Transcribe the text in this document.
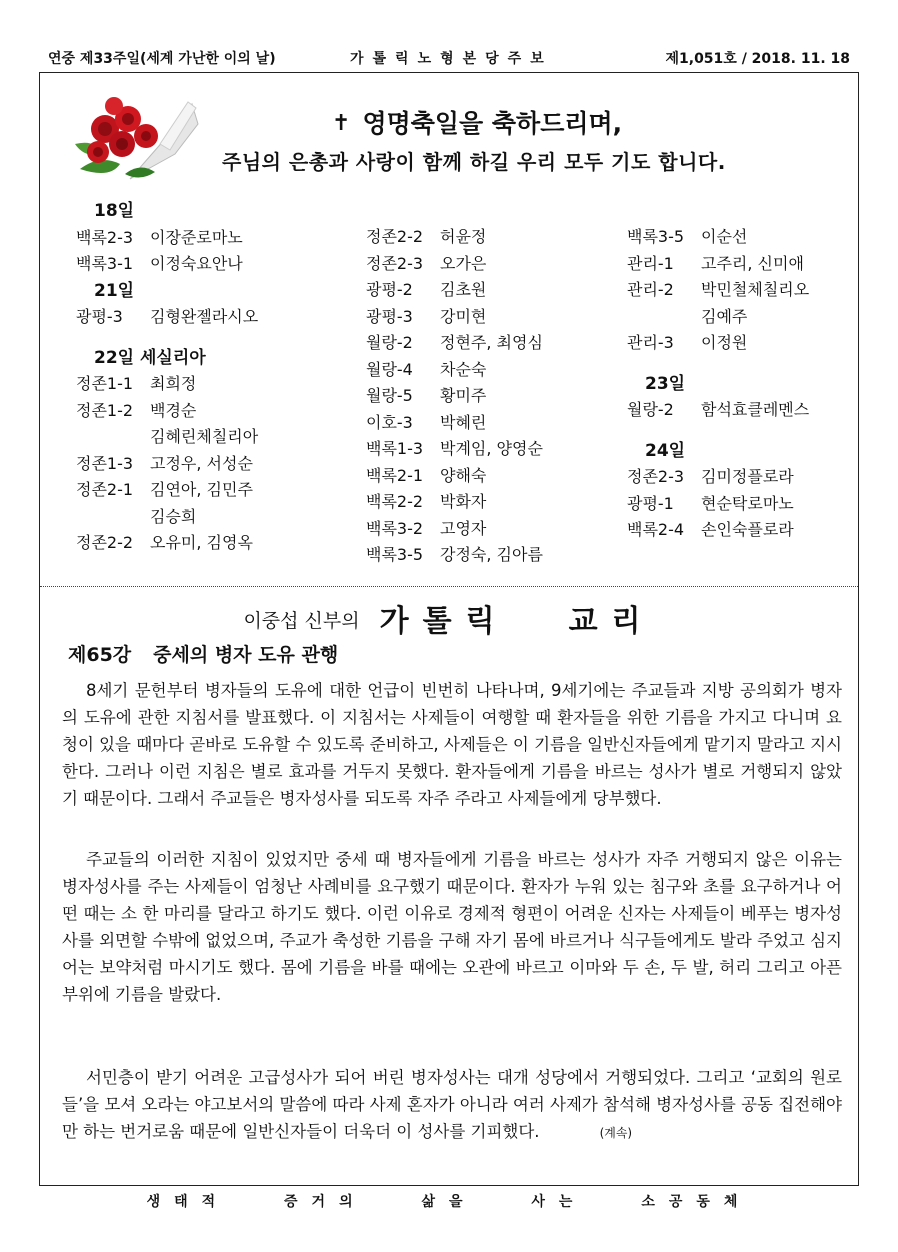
연중 제33주일(세계 가난한 이의 날)	가톨릭노형본당주보	제1,051호 / 2018. 11. 18
✝ 영명축일을 축하드리며,
주님의 은총과 사랑이 함께 하길 우리 모두 기도 합니다.
18일
백록2-3 이장준로마노
백록3-1 이정숙요안나
21일
광평-3 김형완젤라시오
22일 세실리아
정존1-1 최희정
정존1-2 백경순
김혜린체칠리아
정존1-3 고정우, 서성순
정존2-1 김연아, 김민주
김승희
정존2-2 오유미, 김영옥
정존2-2 허윤정
정존2-3 오가은
광평-2 김초원
광평-3 강미현
월랑-2 정현주, 최영심
월랑-4 차순숙
월랑-5 황미주
이호-3 박혜린
백록1-3 박계임, 양영순
백록2-1 양해숙
백록2-2 박화자
백록3-2 고영자
백록3-5 강정숙, 김아름
백록3-5 이순선
관리-1 고주리, 신미애
관리-2 박민철체칠리오
김예주
관리-3 이정원
23일
월랑-2 함석효클레멘스
24일
정존2-3 김미정플로라
광평-1 현순탁로마노
백록2-4 손인숙플로라
이중섭 신부의 가톨릭 교리
제65강 중세의 병자 도유 관행

8세기 문헌부터 병자들의 도유에 대한 언급이 빈번히 나타나며, 9세기에는 주교들과 지방 공의회가 병자의 도유에 관한 지침서를 발표했다. 이 지침서는 사제들이 여행할 때 환자들을 위한 기름을 가지고 다니며 요청이 있을 때마다 곧바로 도유할 수 있도록 준비하고, 사제들은 이 기름을 일반신자들에게 맡기지 말라고 지시한다. 그러나 이런 지침은 별로 효과를 거두지 못했다. 환자들에게 기름을 바르는 성사가 별로 거행되지 않았기 때문이다. 그래서 주교들은 병자성사를 되도록 자주 주라고 사제들에게 당부했다.

주교들의 이러한 지침이 있었지만 중세 때 병자들에게 기름을 바르는 성사가 자주 거행되지 않은 이유는 병자성사를 주는 사제들이 엄청난 사례비를 요구했기 때문이다. 환자가 누워 있는 침구와 초를 요구하거나 어떤 때는 소 한 마리를 달라고 하기도 했다. 이런 이유로 경제적 형편이 어려운 신자는 사제들이 베푸는 병자성사를 외면할 수밖에 없었으며, 주교가 축성한 기름을 구해 자기 몸에 바르거나 식구들에게도 발라 주었고 심지어는 보약처럼 마시기도 했다. 몸에 기름을 바를 때에는 오관에 바르고 이마와 두 손, 두 발, 허리 그리고 아픈 부위에 기름을 발랐다.

서민층이 받기 어려운 고급성사가 되어 버린 병자성사는 대개 성당에서 거행되었다. 그리고 ‘교회의 원로들’을 모셔 오라는 야고보서의 말씀에 따라 사제 혼자가 아니라 여러 사제가 참석해 병자성사를 공동 집전해야만 하는 번거로움 때문에 일반신자들이 더욱더 이 성사를 기피했다.	(계속)

생태적 증거의 삶을 사는 소공동체
